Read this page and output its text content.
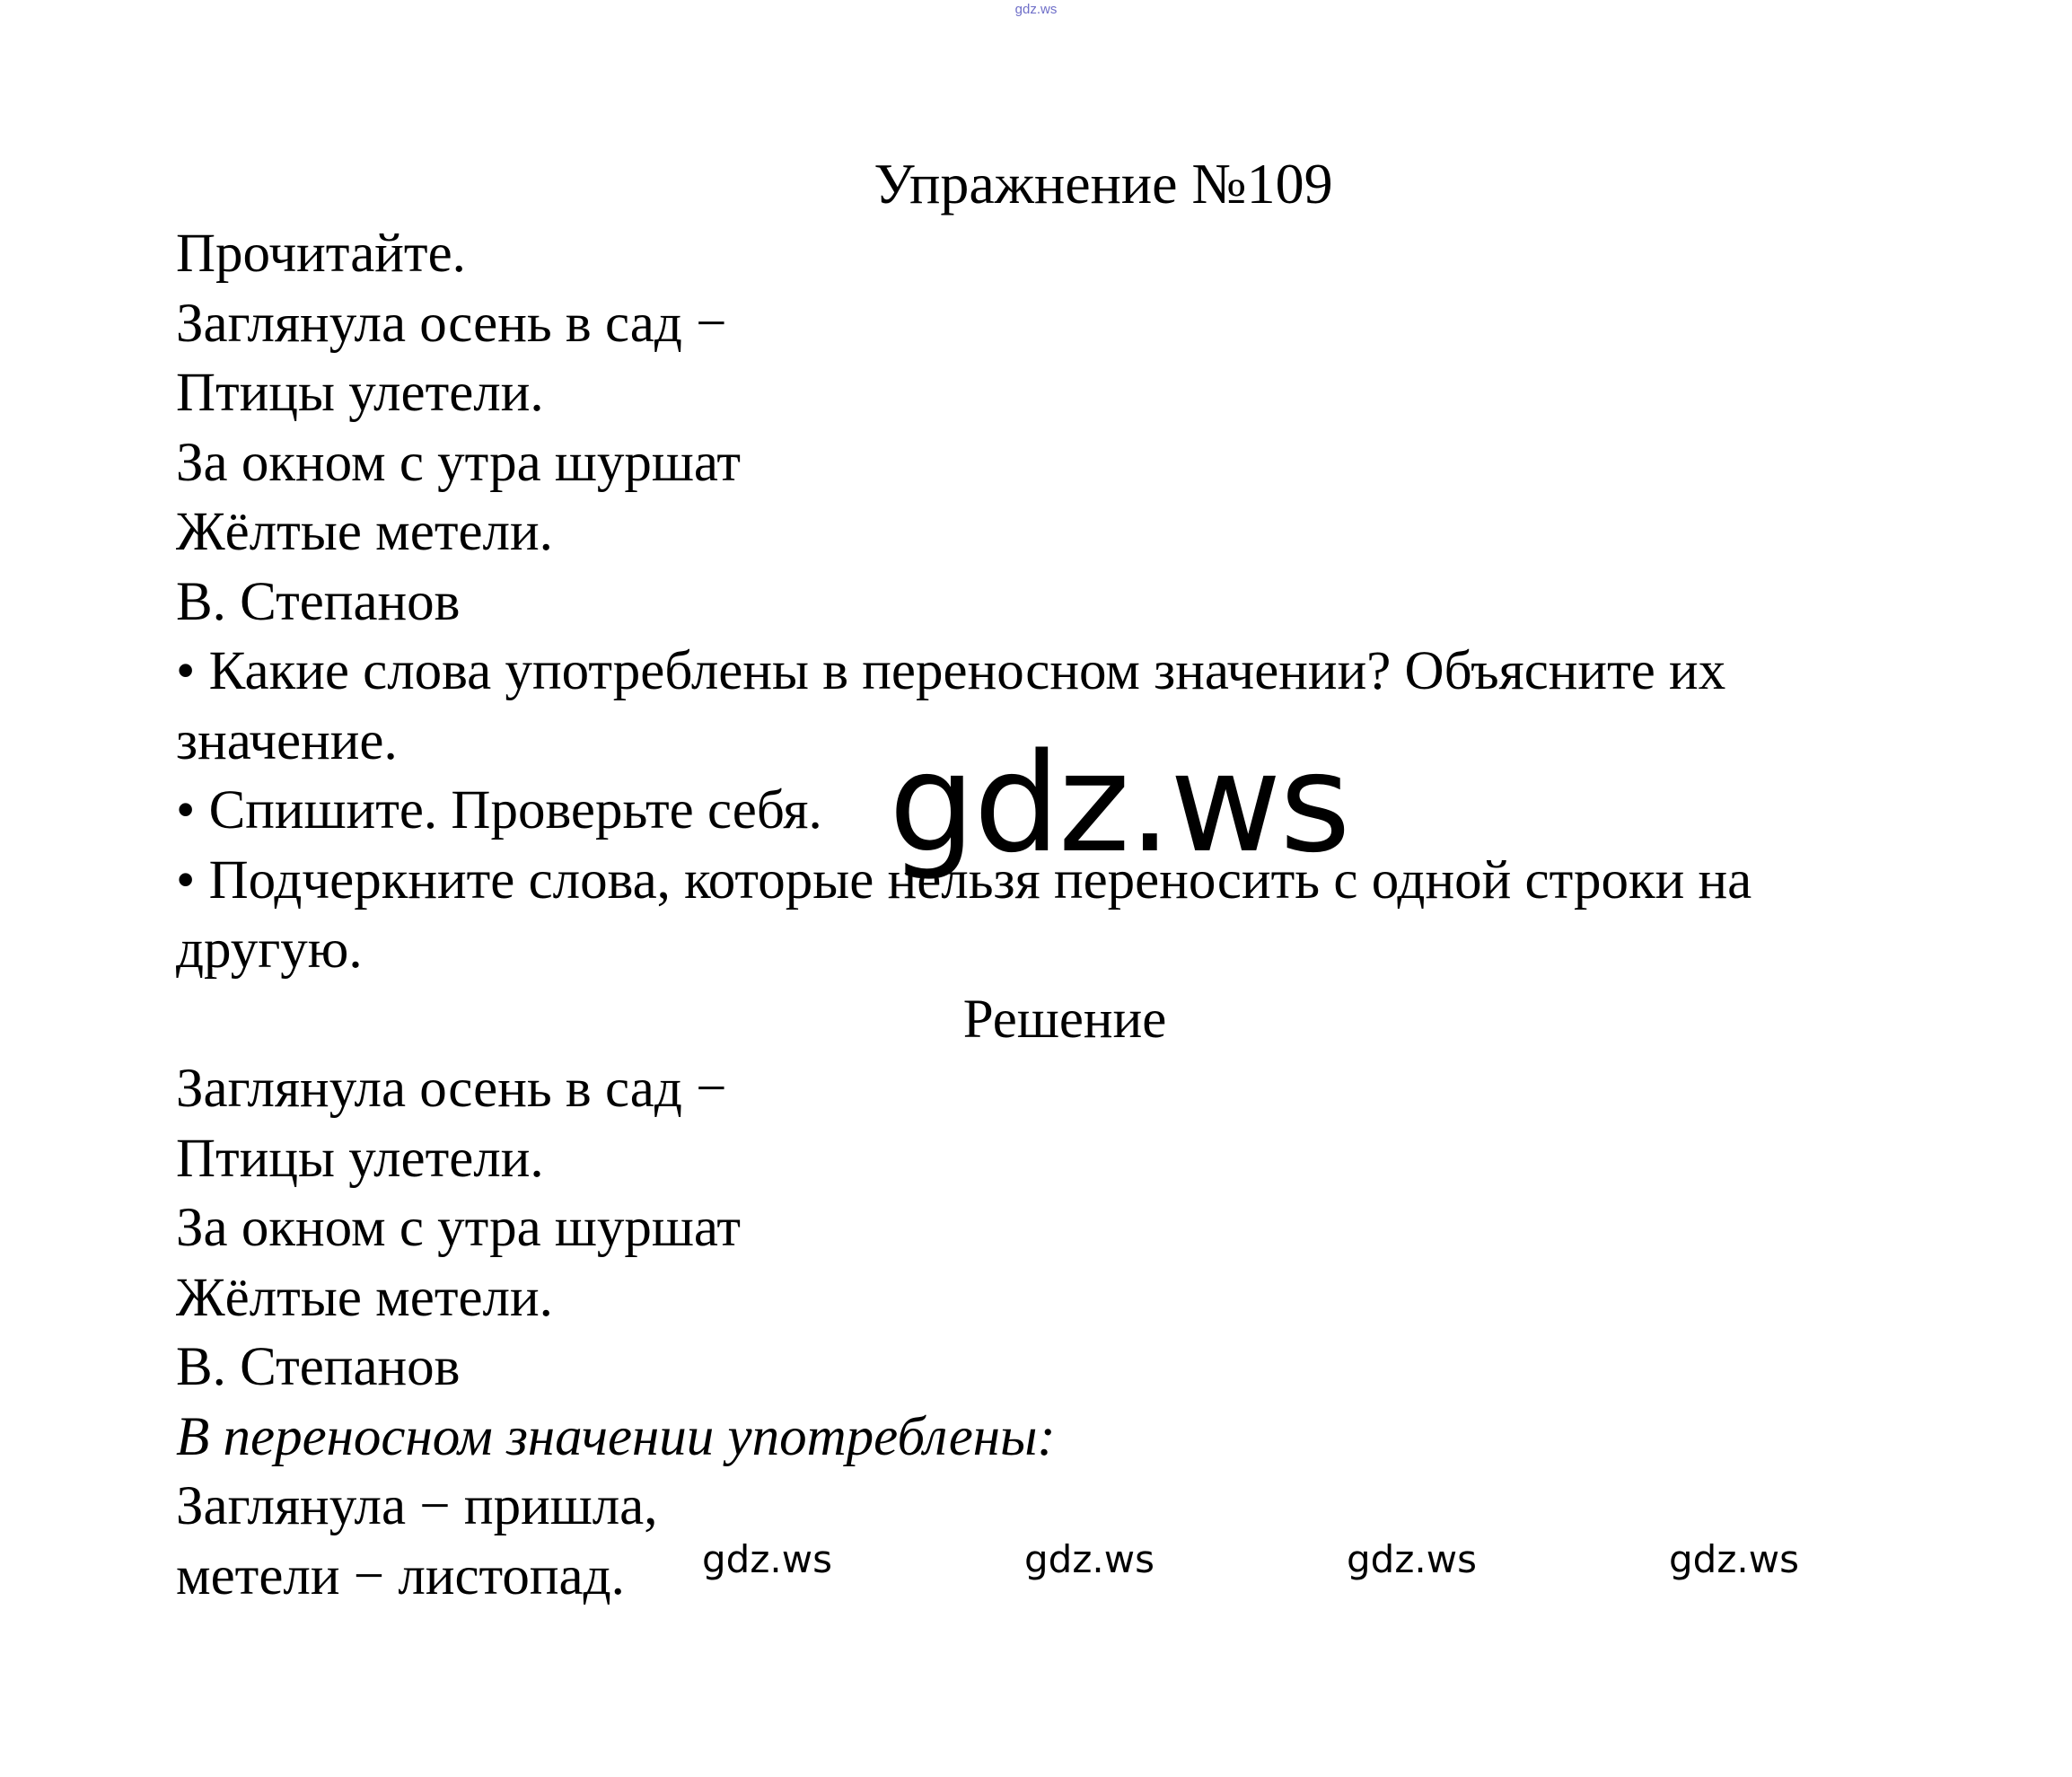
gdz.ws
Упражнение №109
Прочитайте.
Заглянула осень в сад −
Птицы улетели.
За окном с утра шуршат
Жёлтые метели.
В. Степанов
• Какие слова употреблены в переносном значении? Объясните их значение.
• Спишите. Проверьте себя.
• Подчеркните слова, которые нельзя переносить с одной строки на другую.
Решение
Заглянула осень в сад −
Птицы улетели.
За окном с утра шуршат
Жёлтые метели.
В. Степанов
В переносном значении употреблены:
Заглянула − пришла,
метели − листопад.
gdz.ws
gdz.ws	gdz.ws	gdz.ws	gdz.ws
